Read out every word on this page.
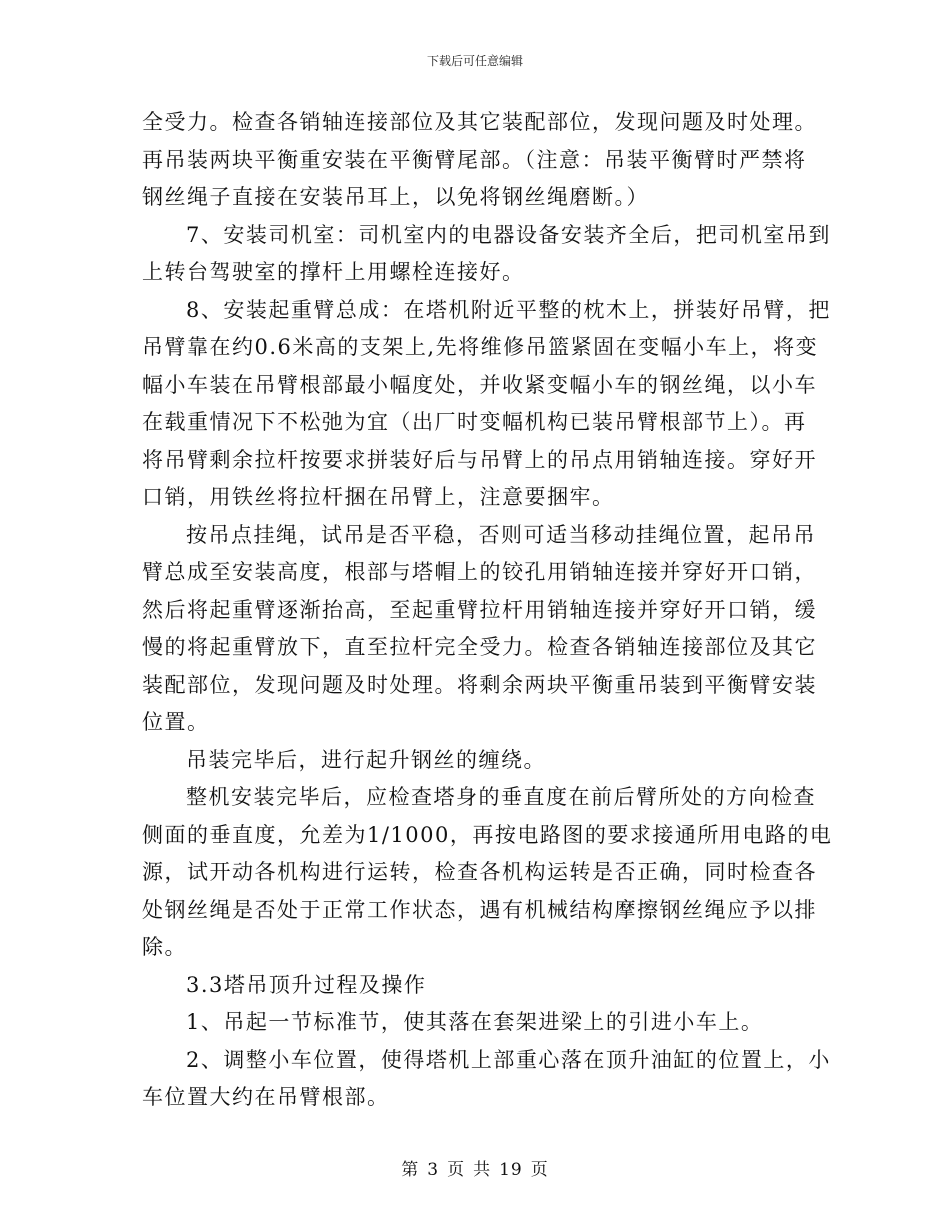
下载后可任意编辑
全受力。检查各销轴连接部位及其它装配部位，发现问题及时处理。
再吊装两块平衡重安装在平衡臂尾部。（注意：吊装平衡臂时严禁将
钢丝绳子直接在安装吊耳上，以免将钢丝绳磨断。）
7、安装司机室：司机室内的电器设备安装齐全后，把司机室吊到
上转台驾驶室的撑杆上用螺栓连接好。
8、安装起重臂总成：在塔机附近平整的枕木上，拼装好吊臂，把
吊臂靠在约0.6米高的支架上,先将维修吊篮紧固在变幅小车上，将变
幅小车装在吊臂根部最小幅度处，并收紧变幅小车的钢丝绳，以小车
在载重情况下不松弛为宜（出厂时变幅机构已装吊臂根部节上）。再
将吊臂剩余拉杆按要求拼装好后与吊臂上的吊点用销轴连接。穿好开
口销，用铁丝将拉杆捆在吊臂上，注意要捆牢。
按吊点挂绳，试吊是否平稳，否则可适当移动挂绳位置，起吊吊
臂总成至安装高度，根部与塔帽上的铰孔用销轴连接并穿好开口销，
然后将起重臂逐渐抬高，至起重臂拉杆用销轴连接并穿好开口销，缓
慢的将起重臂放下，直至拉杆完全受力。检查各销轴连接部位及其它
装配部位，发现问题及时处理。将剩余两块平衡重吊装到平衡臂安装
位置。
吊装完毕后，进行起升钢丝的缠绕。
整机安装完毕后，应检查塔身的垂直度在前后臂所处的方向检查
侧面的垂直度，允差为1/1000，再按电路图的要求接通所用电路的电
源，试开动各机构进行运转，检查各机构运转是否正确，同时检查各
处钢丝绳是否处于正常工作状态，遇有机械结构摩擦钢丝绳应予以排
除。
3.3塔吊顶升过程及操作
1、吊起一节标准节，使其落在套架进梁上的引进小车上。
2、调整小车位置，使得塔机上部重心落在顶升油缸的位置上，小
车位置大约在吊臂根部。
第 3 页 共 19 页
